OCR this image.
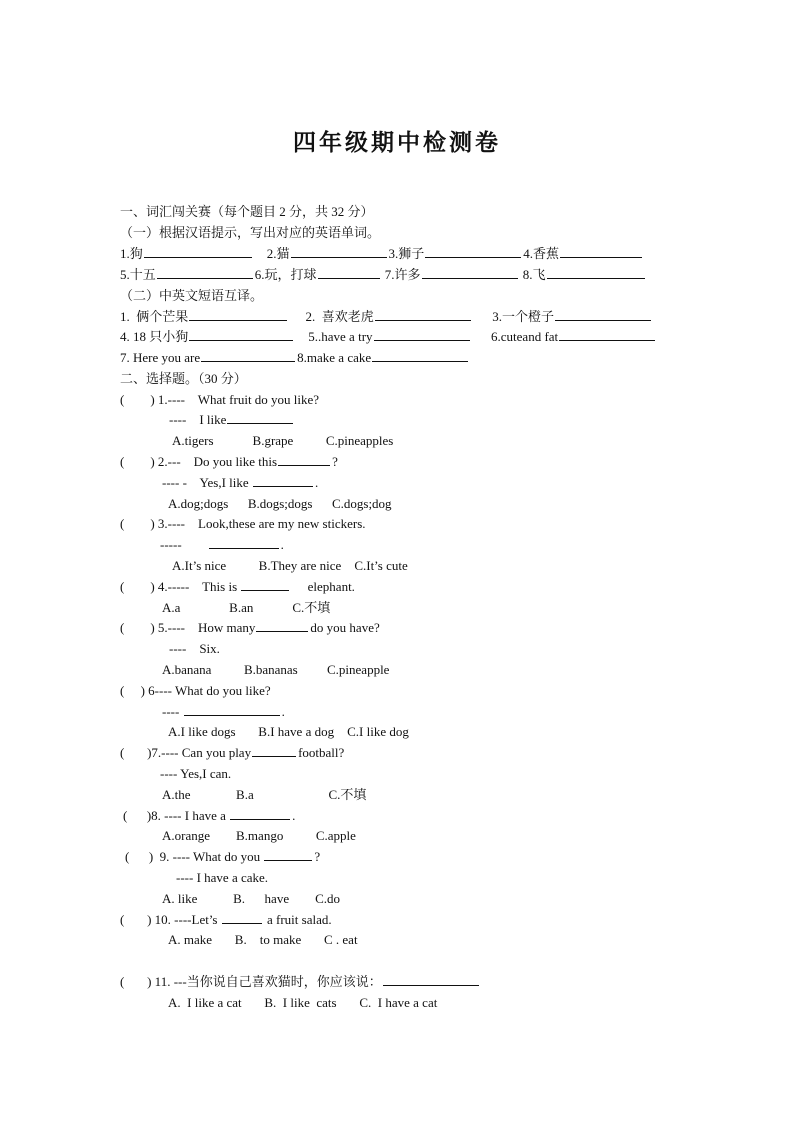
四年级期中检测卷
一、词汇闯关赛（每个题目 2 分，共 32 分）
（一）根据汉语提示，写出对应的英语单词。
1.狗	2.猫	3.狮子	4.香蕉
5.十五	6.玩，打球	7.许多	8.飞
（二）中英文短语互译。
1.  俩个芒果	2.  喜欢老虎	3.一个橙子
4. 18 只小狗	5..have a try	6.cuteand fat
7. Here you are	8.make a cake
二、选择题。（30 分）
(        ) 1.---- What fruit do you like?
---- I like
A.tigers	B.grape	C.pineapples
(        ) 2.--- Do you like this	?
---- - Yes,I like	.
A.dog;dogs B.dogs;dogs C.dogs;dog
(        ) 3.---- Look,these are my new stickers.
-----	.
A.It’s nice	B.They are nice C.It’s cute
(        ) 4.----- This is	elephant.
A.a	B.an	C.不填
(        ) 5.---- How many	do you have?
---- Six.
A.banana	B.bananas C.pineapple
(     ) 6---- What do you like?
----	.
A.I like dogs B.I have a dog C.I like dog
(       )7.---- Can you play	football?
---- Yes,I can.
A.the	B.a	C.不填
(      )8. ---- I have a	.
A.orange B.mango	C.apple
(      ) 9. ---- What do you	?
---- I have a cake.
A. like	B.      have C.do
(       ) 10. ----Let’s	a fruit salad.
A. make B.    to make C . eat
(       ) 11. ---当你说自己喜欢猫时，你应该说：
A.  I like a cat B.  I like  cats C.  I have a cat
